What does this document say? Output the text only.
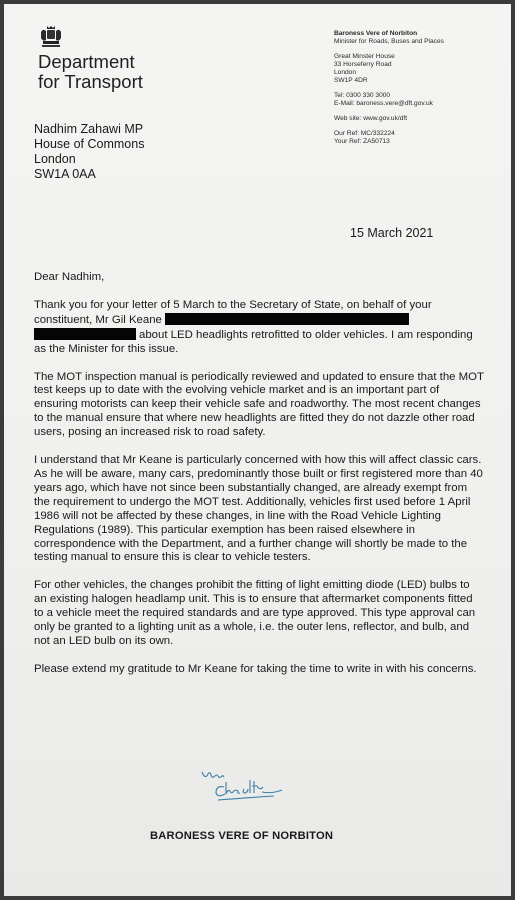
Department
for Transport
Baroness Vere of Norbiton
Minister for Roads, Buses and Places
Great Minster House
33 Horseferry Road
London
SW1P 4DR
Tel: 0300 330 3000
E-Mail: baroness.vere@dft.gov.uk
Web site: www.gov.uk/dft
Our Ref: MC/332224
Your Ref: ZA50713
Nadhim Zahawi MP
House of Commons
London
SW1A 0AA
15 March 2021

Dear Nadhim,

Thank you for your letter of 5 March to the Secretary of State, on behalf of your constituent, Mr Gil Keane about LED headlights retrofitted to older vehicles. I am responding as the Minister for this issue.

The MOT inspection manual is periodically reviewed and updated to ensure that the MOT test keeps up to date with the evolving vehicle market and is an important part of ensuring motorists can keep their vehicle safe and roadworthy. The most recent changes to the manual ensure that where new headlights are fitted they do not dazzle other road users, posing an increased risk to road safety.

I understand that Mr Keane is particularly concerned with how this will affect classic cars. As he will be aware, many cars, predominantly those built or first registered more than 40 years ago, which have not since been substantially changed, are already exempt from the requirement to undergo the MOT test. Additionally, vehicles first used before 1 April 1986 will not be affected by these changes, in line with the Road Vehicle Lighting Regulations (1989). This particular exemption has been raised elsewhere in correspondence with the Department, and a further change will shortly be made to the testing manual to ensure this is clear to vehicle testers.

For other vehicles, the changes prohibit the fitting of light emitting diode (LED) bulbs to an existing halogen headlamp unit. This is to ensure that aftermarket components fitted to a vehicle meet the required standards and are type approved. This type approval can only be granted to a lighting unit as a whole, i.e. the outer lens, reflector, and bulb, and not an LED bulb on its own.

Please extend my gratitude to Mr Keane for taking the time to write in with his concerns.

BARONESS VERE OF NORBITON
